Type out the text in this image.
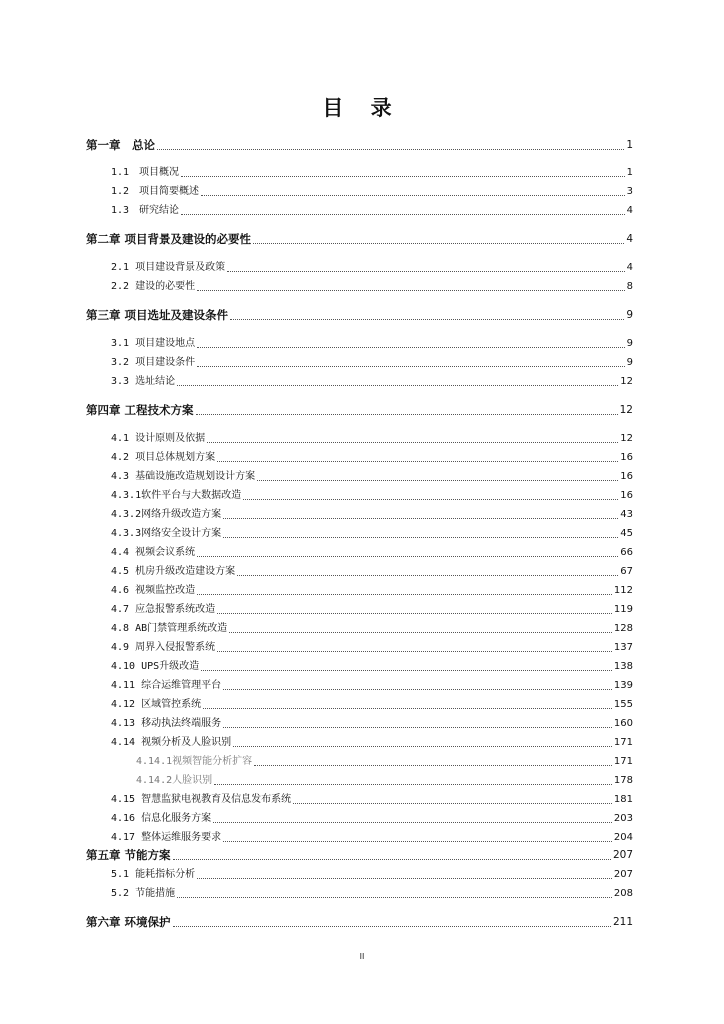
目 录
第一章　总论	1
1.1　项目概况	1
1.2　项目简要概述	3
1.3　研究结论	4
第二章 项目背景及建设的必要性	4
2.1 项目建设背景及政策	4
2.2 建设的必要性	8
第三章 项目选址及建设条件	9
3.1 项目建设地点	9
3.2 项目建设条件	9
3.3 选址结论	12
第四章 工程技术方案	12
4.1 设计原则及依据	12
4.2 项目总体规划方案	16
4.3 基础设施改造规划设计方案	16
4.3.1软件平台与大数据改造	16
4.3.2网络升级改造方案	43
4.3.3网络安全设计方案	45
4.4 视频会议系统	66
4.5 机房升级改造建设方案	67
4.6 视频监控改造	112
4.7 应急报警系统改造	119
4.8 AB门禁管理系统改造	128
4.9 周界入侵报警系统	137
4.10 UPS升级改造	138
4.11 综合运维管理平台	139
4.12 区域管控系统	155
4.13 移动执法终端服务	160
4.14 视频分析及人脸识别	171
4.14.1视频智能分析扩容	171
4.14.2人脸识别	178
4.15 智慧监狱电视教育及信息发布系统	181
4.16 信息化服务方案	203
4.17 整体运维服务要求	204
第五章 节能方案	207
5.1 能耗指标分析	207
5.2 节能措施	208
第六章 环境保护	211
II
